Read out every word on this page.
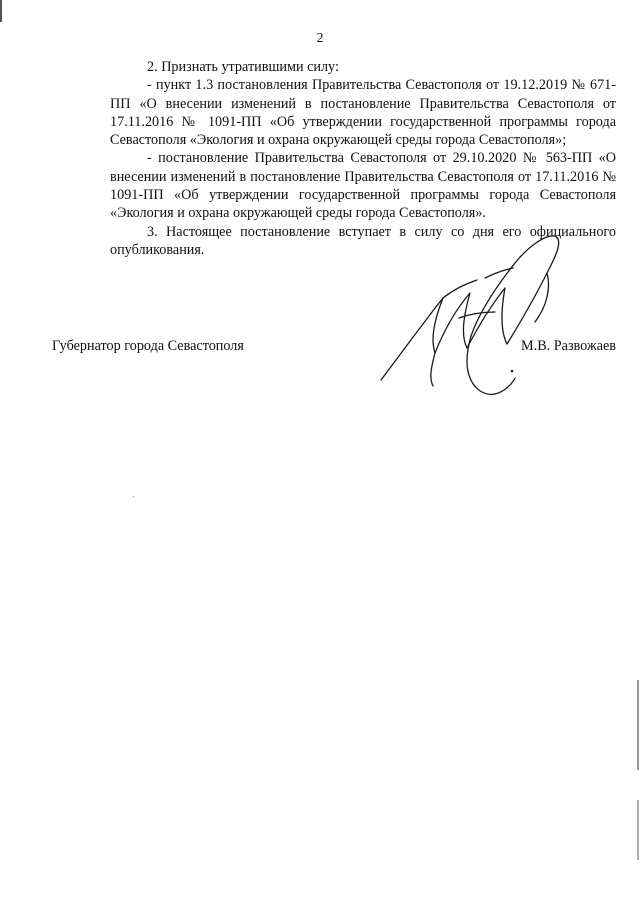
2

2. Признать утратившими силу:

- пункт 1.3 постановления Правительства Севастополя от 19.12.2019 № 671-ПП «О внесении изменений в постановление Правительства Севастополя от 17.11.2016 № 1091-ПП «Об утверждении государственной программы города Севастополя «Экология и охрана окружающей среды города Севастополя»;

- постановление Правительства Севастополя от 29.10.2020 № 563-ПП «О внесении изменений в постановление Правительства Севастополя от 17.11.2016 № 1091-ПП «Об утверждении государственной программы города Севастополя «Экология и охрана окружающей среды города Севастополя».

3. Настоящее постановление вступает в силу со дня его официального опубликования.

Губернатор города Севастополя	М.В. Развожаев
